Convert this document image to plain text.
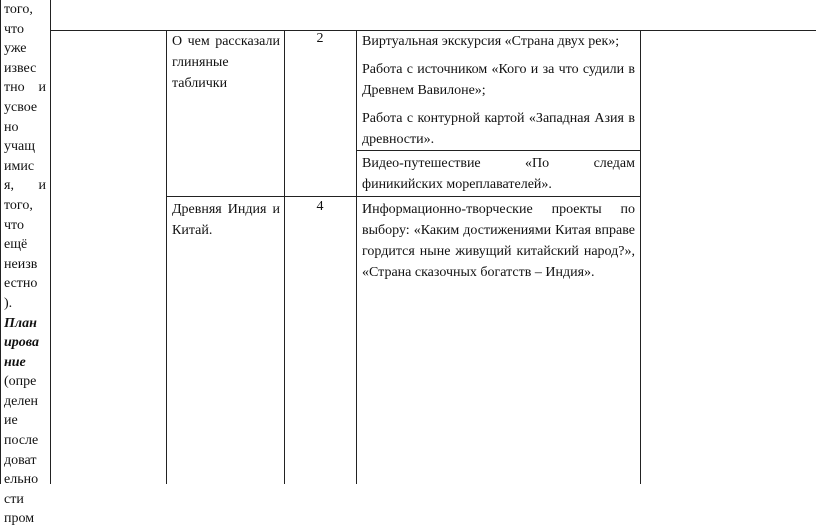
того,
что
уже
извес
тно и
усвое
но
учащ
имис
я, и
того,
что
ещё
неизв
естно
).
План
ирова
ние
(опре
делен
ие
после
доват
ельно
сти
пром
О чем рассказали
глиняные
таблички
2	Виртуальная экскурсия «Страна двух рек»;
Работа с источником «Кого и за что судили в Древнем Вавилоне»;
Работа с контурной картой «Западная Азия в древности».
Видео-путешествие «По следам финикийских мореплавателей».
Древняя Индия и
Китай.
4	Информационно-творческие проекты по выбору: «Каким достижениями Китая вправе гордится ныне живущий китайский народ?», «Страна сказочных богатств – Индия».
